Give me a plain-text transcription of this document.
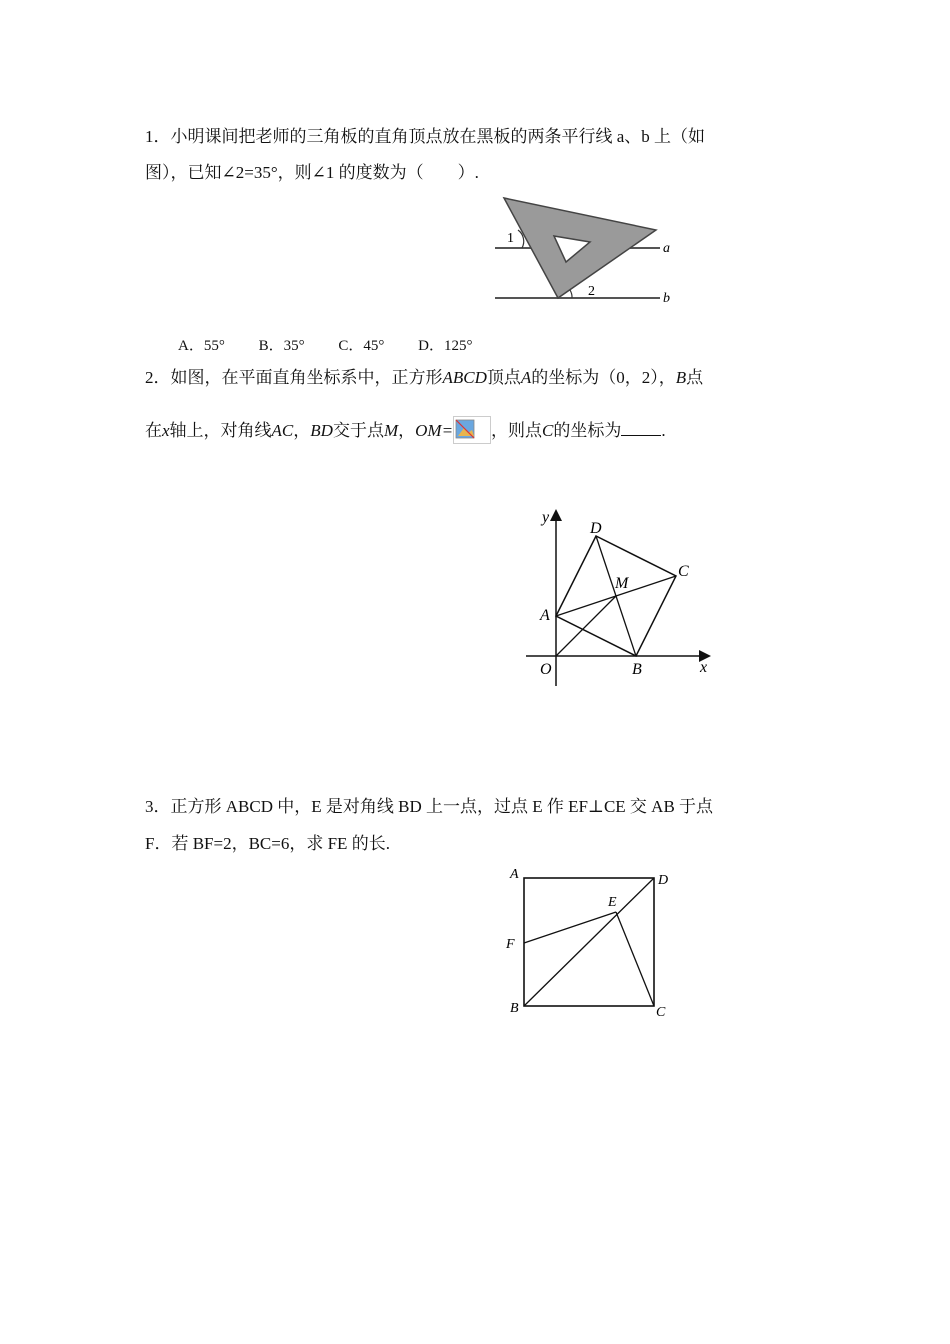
1．小明课间把老师的三角板的直角顶点放在黑板的两条平行线 a、b 上（如
图），已知∠2=35°，则∠1 的度数为（　　）.
1
2
a
b
A．55° B．35° C．45° D．125°
2．如图，在平面直角坐标系中，正方形ABCD顶点A的坐标为（0，2），B点
在x轴上，对角线AC，BD交于点M，OM= ，则点C的坐标为 .
y
x
O
A
B
C
D
M
3．正方形 ABCD 中，E 是对角线 BD 上一点，过点 E 作 EF⊥CE 交 AB 于点
F．若 BF=2，BC=6，求 FE 的长.
A
B	C
D
E
F
